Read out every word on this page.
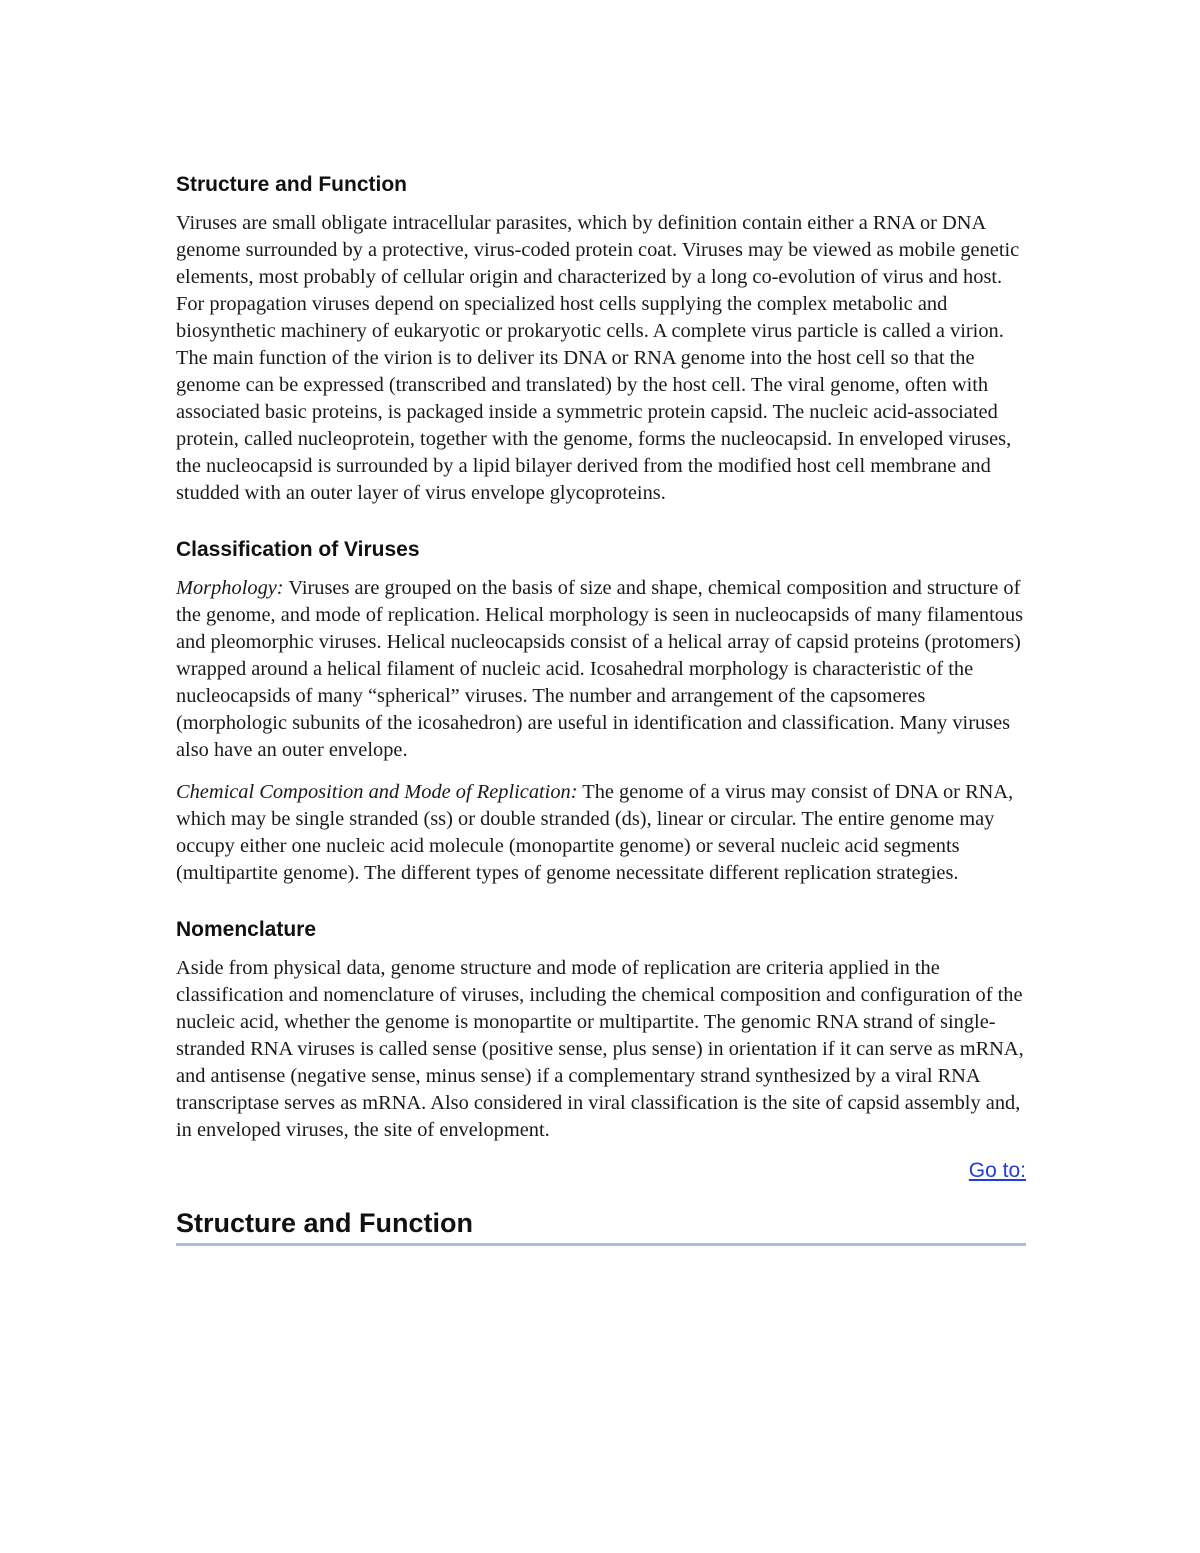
Structure and Function

Viruses are small obligate intracellular parasites, which by definition contain either a RNA or DNA genome surrounded by a protective, virus-coded protein coat. Viruses may be viewed as mobile genetic elements, most probably of cellular origin and characterized by a long co-evolution of virus and host. For propagation viruses depend on specialized host cells supplying the complex metabolic and biosynthetic machinery of eukaryotic or prokaryotic cells. A complete virus particle is called a virion. The main function of the virion is to deliver its DNA or RNA genome into the host cell so that the genome can be expressed (transcribed and translated) by the host cell. The viral genome, often with associated basic proteins, is packaged inside a symmetric protein capsid. The nucleic acid-associated protein, called nucleoprotein, together with the genome, forms the nucleocapsid. In enveloped viruses, the nucleocapsid is surrounded by a lipid bilayer derived from the modified host cell membrane and studded with an outer layer of virus envelope glycoproteins.

Classification of Viruses

Morphology: Viruses are grouped on the basis of size and shape, chemical composition and structure of the genome, and mode of replication. Helical morphology is seen in nucleocapsids of many filamentous and pleomorphic viruses. Helical nucleocapsids consist of a helical array of capsid proteins (protomers) wrapped around a helical filament of nucleic acid. Icosahedral morphology is characteristic of the nucleocapsids of many “spherical” viruses. The number and arrangement of the capsomeres (morphologic subunits of the icosahedron) are useful in identification and classification. Many viruses also have an outer envelope.

Chemical Composition and Mode of Replication: The genome of a virus may consist of DNA or RNA, which may be single stranded (ss) or double stranded (ds), linear or circular. The entire genome may occupy either one nucleic acid molecule (monopartite genome) or several nucleic acid segments (multipartite genome). The different types of genome necessitate different replication strategies.

Nomenclature

Aside from physical data, genome structure and mode of replication are criteria applied in the classification and nomenclature of viruses, including the chemical composition and configuration of the nucleic acid, whether the genome is monopartite or multipartite. The genomic RNA strand of single-stranded RNA viruses is called sense (positive sense, plus sense) in orientation if it can serve as mRNA, and antisense (negative sense, minus sense) if a complementary strand synthesized by a viral RNA transcriptase serves as mRNA. Also considered in viral classification is the site of capsid assembly and, in enveloped viruses, the site of envelopment.

Go to:
Structure and Function
